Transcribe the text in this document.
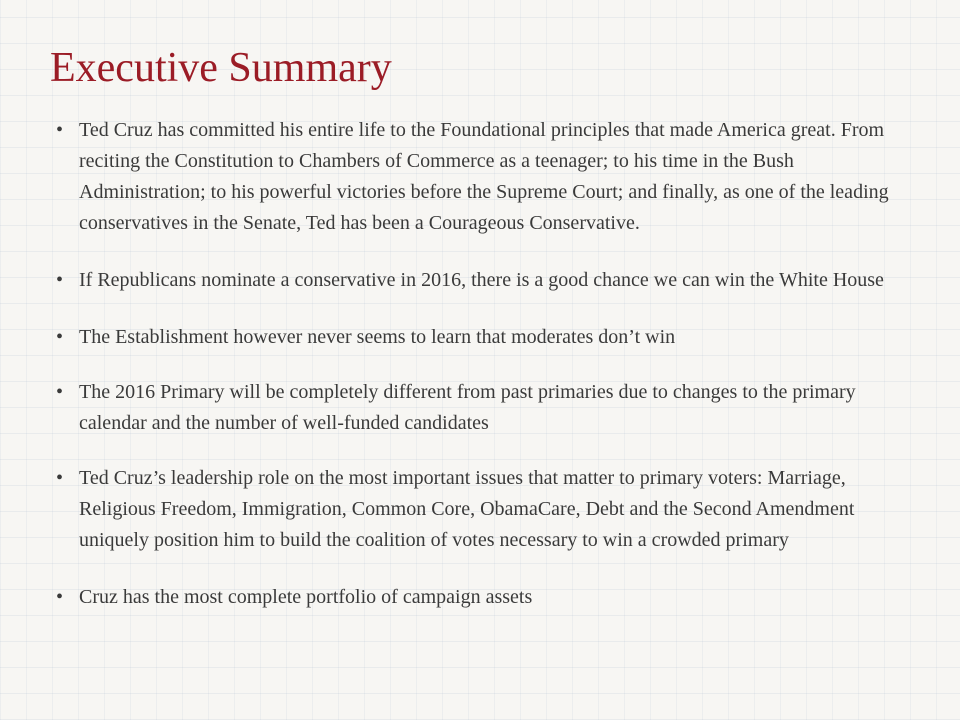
Executive Summary
• Ted Cruz has committed his entire life to the Foundational principles that made America great. From reciting the Constitution to Chambers of Commerce as a teenager; to his time in the Bush Administration; to his powerful victories before the Supreme Court; and finally, as one of the leading conservatives in the Senate, Ted has been a Courageous Conservative.
• If Republicans nominate a conservative in 2016, there is a good chance we can win the White House
• The Establishment however never seems to learn that moderates don’t win
• The 2016 Primary will be completely different from past primaries due to changes to the primary calendar and the number of well-funded candidates
• Ted Cruz’s leadership role on the most important issues that matter to primary voters: Marriage, Religious Freedom, Immigration, Common Core, ObamaCare, Debt and the Second Amendment uniquely position him to build the coalition of votes necessary to win a crowded primary
• Cruz has the most complete portfolio of campaign assets
